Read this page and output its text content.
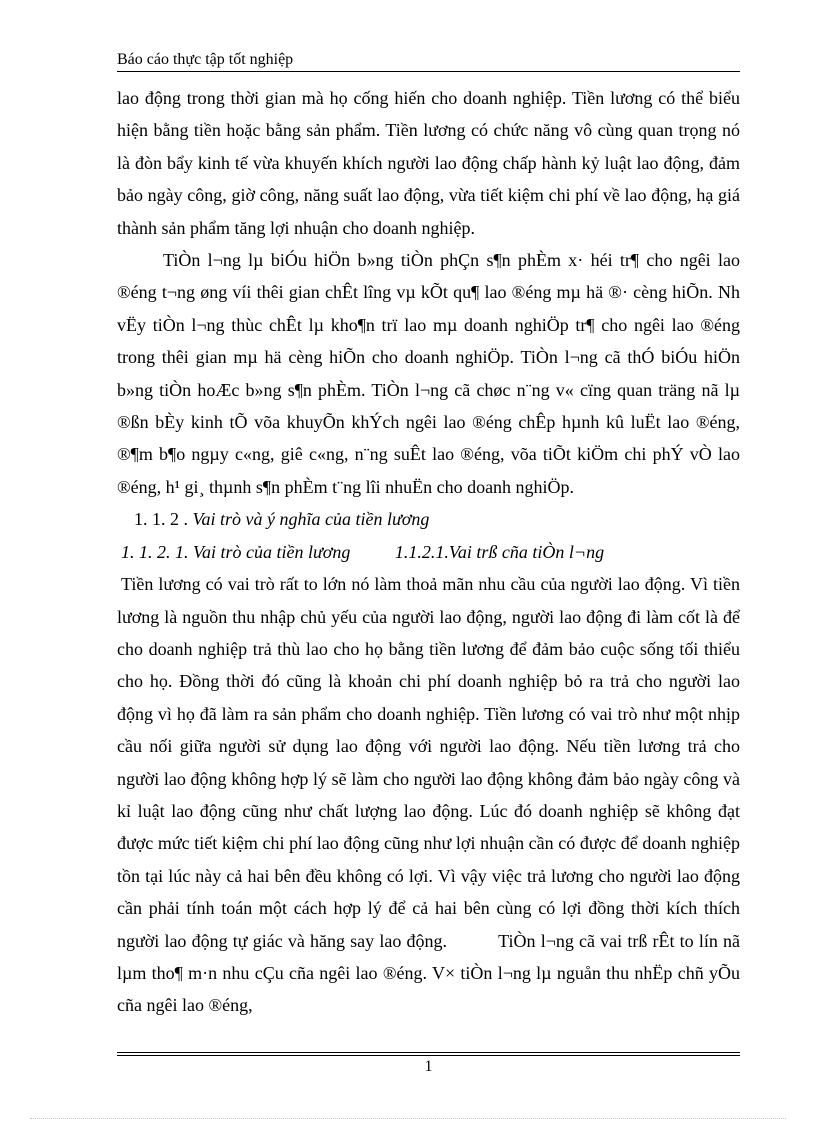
Báo cáo thực tập tốt nghiệp

lao động trong thời gian mà họ cống hiến cho doanh nghiệp. Tiền lương có thể biểu hiện bằng tiền hoặc bằng sản phẩm. Tiền lương có chức năng vô cùng quan trọng nó là đòn bẩy kinh tế vừa khuyến khích người lao động chấp hành kỷ luật lao động, đảm bảo ngày công, giờ công, năng suất lao động, vừa tiết kiệm chi phí về lao động, hạ giá thành sản phẩm tăng lợi nhuận cho doanh nghiệp.

TiÒn l¬ng lµ biÓu hiÖn b»ng tiÒn phÇn s¶n phÈm x· héi tr¶ cho ngêi lao ®éng t¬ng øng víi thêi gian chÊt lîng vµ kÕt qu¶ lao ®éng mµ hä ®· cèng hiÕn. Nh vËy tiÒn l¬ng thùc chÊt lµ kho¶n trï lao mµ doanh nghiÖp tr¶ cho ngêi lao ®éng trong thêi gian mµ hä cèng hiÕn cho doanh nghiÖp. TiÒn l¬ng cã thÓ biÓu hiÖn b»ng tiÒn hoÆc b»ng s¶n phÈm. TiÒn l¬ng cã chøc n¨ng v« cïng quan träng nã lµ ®ßn bÈy kinh tÕ võa khuyÕn khÝch ngêi lao ®éng chÊp hµnh kû luËt lao ®éng, ®¶m b¶o ngµy c«ng, giê c«ng, n¨ng suÊt lao ®éng, võa tiÕt kiÖm chi phÝ vÒ lao ®éng, h¹ gi¸ thµnh s¶n phÈm t¨ng lîi nhuËn cho doanh nghiÖp.

1. 1. 2 . Vai trò và ý nghĩa của tiền lương

1. 1. 2. 1. Vai trò của tiền lương 1.1.2.1.Vai trß cña tiÒn l¬ng

Tiền lương có vai trò rất to lớn nó làm thoả mãn nhu cầu của người lao động. Vì tiền lương là nguồn thu nhập chủ yếu của người lao động, người lao động đi làm cốt là để cho doanh nghiệp trả thù lao cho họ bằng tiền lương để đảm bảo cuộc sống tối thiểu cho họ. Đồng thời đó cũng là khoản chi phí doanh nghiệp bỏ ra trả cho người lao động vì họ đã làm ra sản phẩm cho doanh nghiệp. Tiền lương có vai trò như một nhịp cầu nối giữa người sử dụng lao động với người lao động. Nếu tiền lương trả cho người lao động không hợp lý sẽ làm cho người lao động không đảm bảo ngày công và kỉ luật lao động cũng như chất lượng lao động. Lúc đó doanh nghiệp sẽ không đạt được mức tiết kiệm chi phí lao động cũng như lợi nhuận cần có được để doanh nghiệp tồn tại lúc này cả hai bên đều không có lợi. Vì vậy việc trả lương cho người lao động cần phải tính toán một cách hợp lý để cả hai bên cùng có lợi đồng thời kích thích người lao động tự giác và hăng say lao động.	TiÒn l¬ng cã vai trß rÊt to lín nã lµm tho¶ m·n nhu cÇu cña ngêi lao ®éng. V× tiÒn l¬ng lµ nguån thu nhËp chñ yÕu cña ngêi lao ®éng,

1
